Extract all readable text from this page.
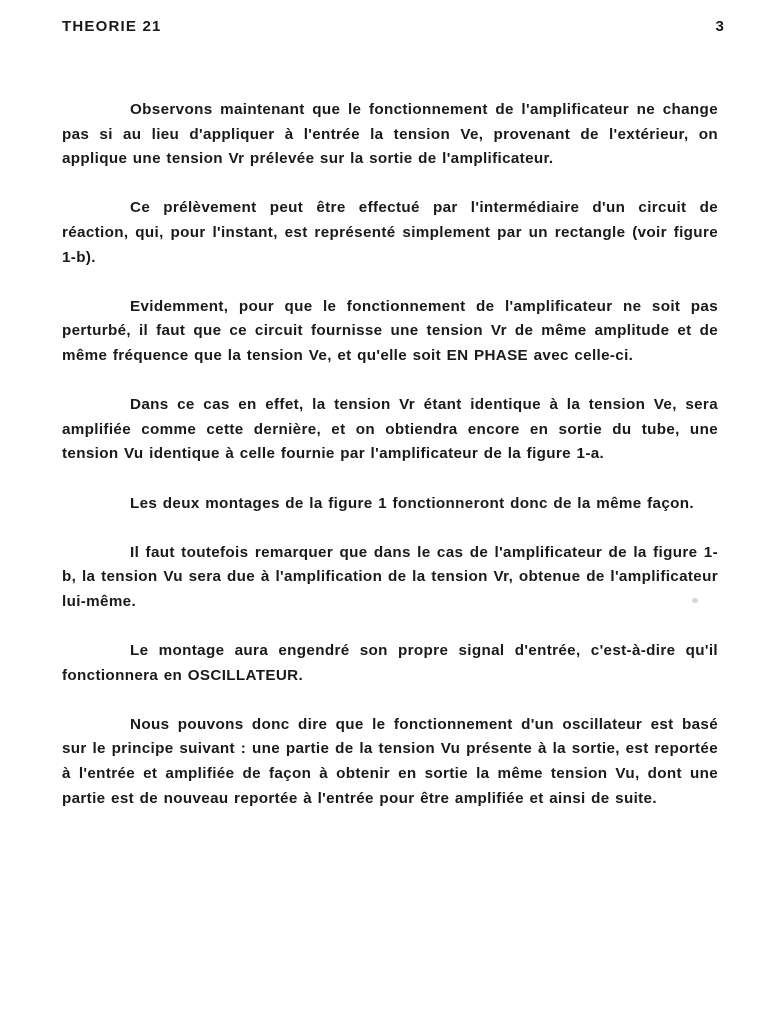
THEORIE 21	3

Observons maintenant que le fonctionnement de l'amplificateur ne change pas si au lieu d'appliquer à l'entrée la tension Ve, provenant de l'extérieur, on applique une tension Vr prélevée sur la sortie de l'amplificateur.

Ce prélèvement peut être effectué par l'intermédiaire d'un circuit de réaction, qui, pour l'instant, est représenté simplement par un rectangle (voir figure 1-b).

Evidemment, pour que le fonctionnement de l'amplificateur ne soit pas perturbé, il faut que ce circuit fournisse une tension Vr de même amplitude et de même fréquence que la tension Ve, et qu'elle soit EN PHASE avec celle-ci.

Dans ce cas en effet, la tension Vr étant identique à la tension Ve, sera amplifiée comme cette dernière, et on obtiendra encore en sortie du tube, une tension Vu identique à celle fournie par l'amplificateur de la figure 1-a.

Les deux montages de la figure 1 fonctionneront donc de la même façon.

Il faut toutefois remarquer que dans le cas de l'amplificateur de la figure 1-b, la tension Vu sera due à l'amplification de la tension Vr, obtenue de l'amplificateur lui-même.

Le montage aura engendré son propre signal d'entrée, c'est-à-dire qu'il fonctionnera en OSCILLATEUR.

Nous pouvons donc dire que le fonctionnement d'un oscillateur est basé sur le principe suivant : une partie de la tension Vu présente à la sortie, est reportée à l'entrée et amplifiée de façon à obtenir en sortie la même tension Vu, dont une partie est de nouveau reportée à l'entrée pour être amplifiée et ainsi de suite.
